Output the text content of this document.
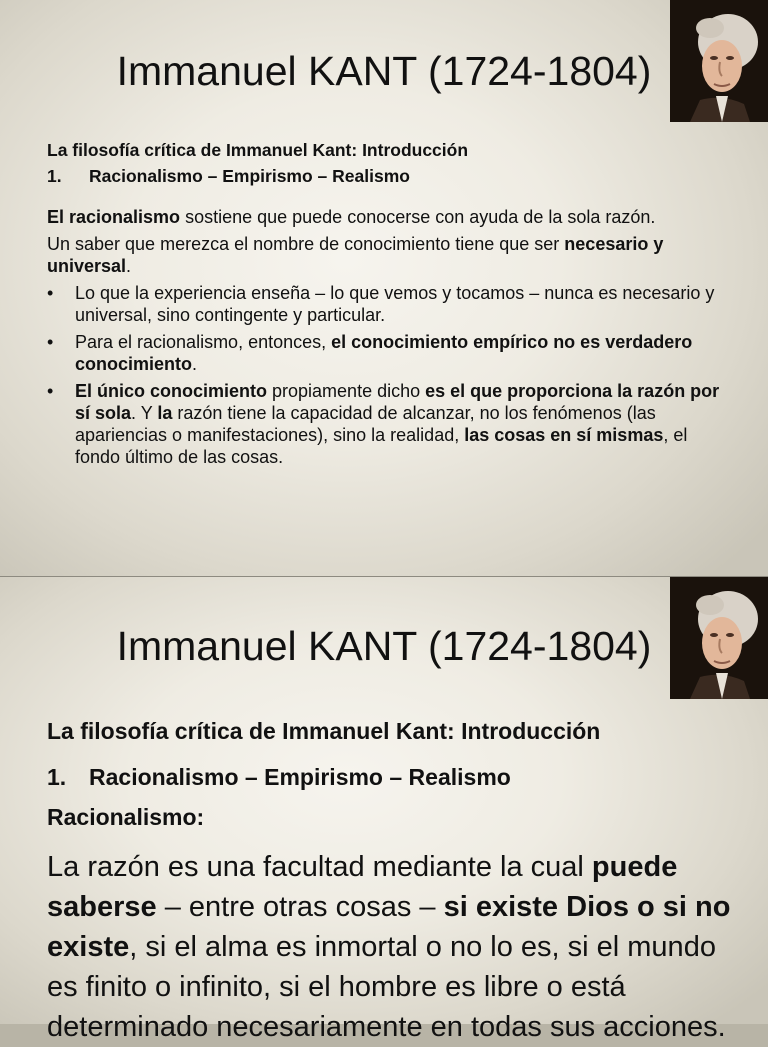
Immanuel KANT (1724-1804)

La filosofía crítica de Immanuel Kant: Introducción

1. Racionalismo – Empirismo – Realismo

El racionalismo sostiene que puede conocerse con ayuda de la sola razón.

Un saber que merezca el nombre de conocimiento tiene que ser necesario y universal.

• Lo que la experiencia enseña – lo que vemos y tocamos – nunca es necesario y universal, sino contingente y particular.
• Para el racionalismo, entonces, el conocimiento empírico no es verdadero conocimiento.
• El único conocimiento propiamente dicho es el que proporciona la razón por sí sola. Y la razón tiene la capacidad de alcanzar, no los fenómenos (las apariencias o manifestaciones), sino la realidad, las cosas en sí mismas, el fondo último de las cosas.
Immanuel KANT (1724-1804)

La filosofía crítica de Immanuel Kant: Introducción

1. Racionalismo – Empirismo – Realismo

Racionalismo:

La razón es una facultad mediante la cual puede saberse – entre otras cosas – si existe Dios o si no existe, si el alma es inmortal o no lo es, si el mundo es finito o infinito, si el hombre es libre o está determinado necesariamente en todas sus acciones.
